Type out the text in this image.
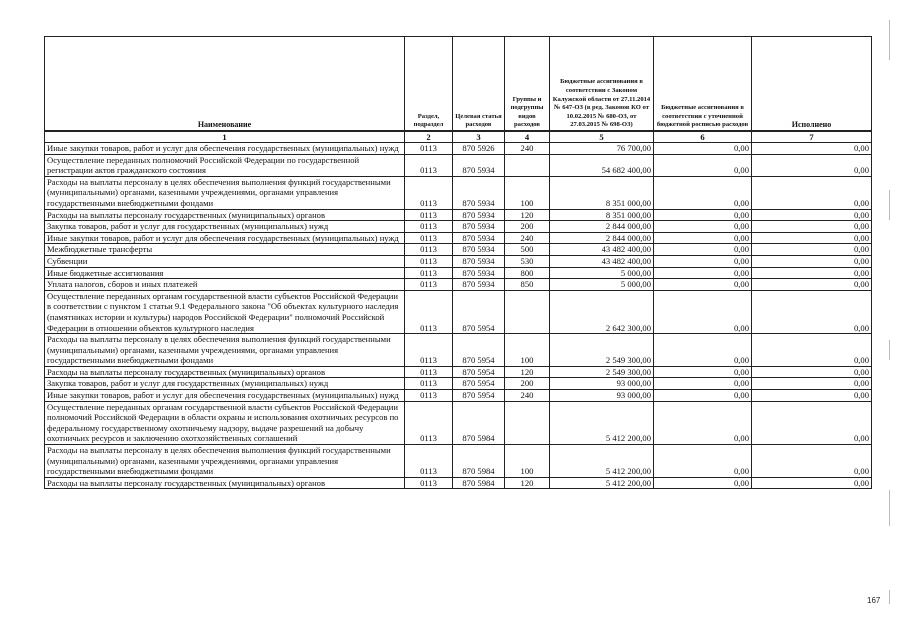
Наименование	Раздел, подраздел	Целевая статья расходов	Группы и подгруппы видов расходов	Бюджетные ассигнования в соответствии с Законом Калужской области от 27.11.2014 № 647-ОЗ (в ред. Законов КО от 10.02.2015 № 680-ОЗ, от 27.03.2015 № 698-ОЗ)	Бюджетные ассигнования в соответствии с уточненной бюджетной росписью расходов	Исполнено
1	2	3	4	5	6	7
Иные закупки товаров, работ и услуг для обеспечения государственных (муниципальных) нужд	0113	870 5926	240	76 700,00	0,00	0,00
Осуществление переданных полномочий Российской Федерации по государственной регистрации актов гражданского состояния	0113	870 5934		54 682 400,00	0,00	0,00
Расходы на выплаты персоналу в целях обеспечения выполнения функций государственными (муниципальными) органами, казенными учреждениями, органами управления государственными внебюджетными фондами	0113	870 5934	100	8 351 000,00	0,00	0,00
Расходы на выплаты персоналу государственных (муниципальных) органов	0113	870 5934	120	8 351 000,00	0,00	0,00
Закупка товаров, работ и услуг для государственных (муниципальных) нужд	0113	870 5934	200	2 844 000,00	0,00	0,00
Иные закупки товаров, работ и услуг для обеспечения государственных (муниципальных) нужд	0113	870 5934	240	2 844 000,00	0,00	0,00
Межбюджетные трансферты	0113	870 5934	500	43 482 400,00	0,00	0,00
Субвенции	0113	870 5934	530	43 482 400,00	0,00	0,00
Иные бюджетные ассигнования	0113	870 5934	800	5 000,00	0,00	0,00
Уплата налогов, сборов и иных платежей	0113	870 5934	850	5 000,00	0,00	0,00
Осуществление переданных органам государственной власти субъектов Российской Федерации в соответствии с пунктом 1 статьи 9.1 Федерального закона "Об объектах культурного наследия (памятниках истории и культуры) народов Российской Федерации" полномочий Российской Федерации в отношении объектов культурного наследия	0113	870 5954		2 642 300,00	0,00	0,00
Расходы на выплаты персоналу в целях обеспечения выполнения функций государственными (муниципальными) органами, казенными учреждениями, органами управления государственными внебюджетными фондами	0113	870 5954	100	2 549 300,00	0,00	0,00
Расходы на выплаты персоналу государственных (муниципальных) органов	0113	870 5954	120	2 549 300,00	0,00	0,00
Закупка товаров, работ и услуг для государственных (муниципальных) нужд	0113	870 5954	200	93 000,00	0,00	0,00
Иные закупки товаров, работ и услуг для обеспечения государственных (муниципальных) нужд	0113	870 5954	240	93 000,00	0,00	0,00
Осуществление переданных органам государственной власти субъектов Российской Федерации полномочий Российской Федерации в области охраны и использования охотничьих ресурсов по федеральному государственному охотничьему надзору, выдаче разрешений на добычу охотничьих ресурсов и заключению охотхозяйственных соглашений	0113	870 5984		5 412 200,00	0,00	0,00
Расходы на выплаты персоналу в целях обеспечения выполнения функций государственными (муниципальными) органами, казенными учреждениями, органами управления государственными внебюджетными фондами	0113	870 5984	100	5 412 200,00	0,00	0,00
Расходы на выплаты персоналу государственных (муниципальных) органов	0113	870 5984	120	5 412 200,00	0,00	0,00
167
